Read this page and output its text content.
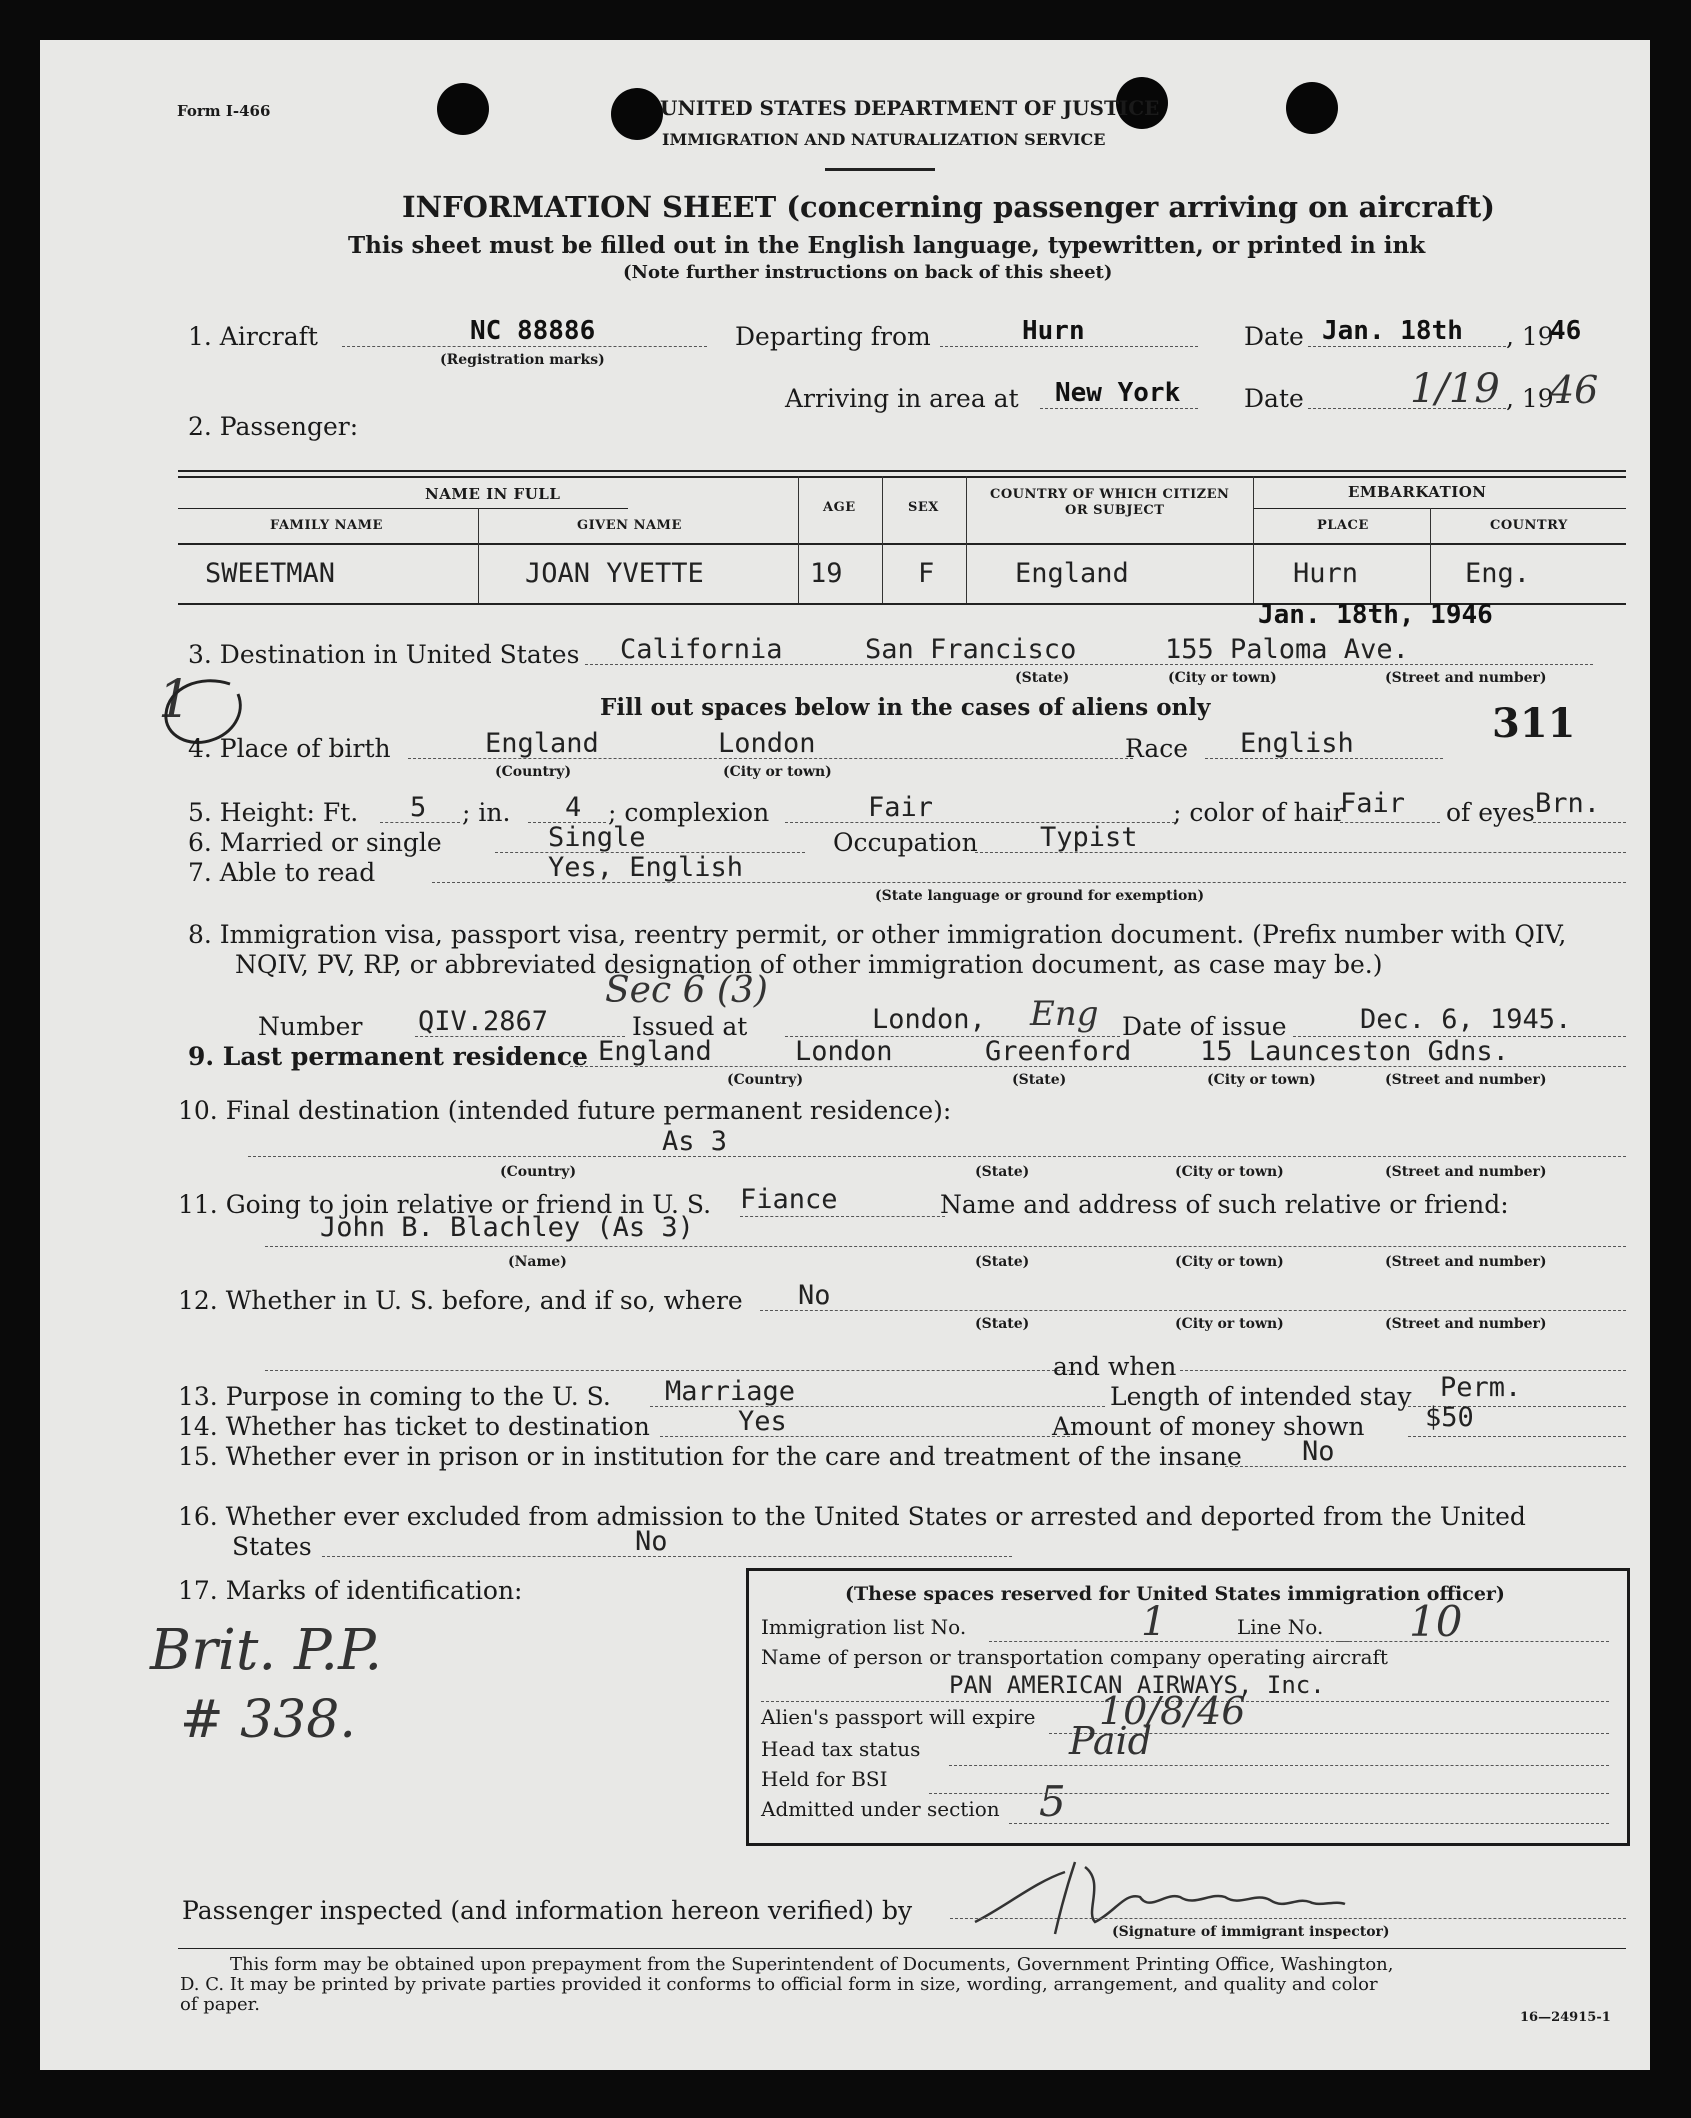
Form I-466	UNITED STATES DEPARTMENT OF JUSTICE
IMMIGRATION AND NATURALIZATION SERVICE
INFORMATION SHEET (concerning passenger arriving on aircraft)
This sheet must be filled out in the English language, typewritten, or printed in ink
(Note further instructions on back of this sheet)
1. Aircraft	NC 88886
(Registration marks)
Departing from	Hurn	Date Jan. 18th , 19
46
Arriving in area at New York	Date	1/19 , 19
46
2. Passenger:
NAME IN FULL
FAMILY NAME	GIVEN NAME
AGE	SEX
COUNTRY OF WHICH CITIZEN
OR SUBJECT
EMBARKATION
PLACE	COUNTRY
SWEETMAN	JOAN YVETTE	19	F	England	Hurn	Eng.
Jan. 18th, 1946
3. Destination in United States California	San Francisco	155 Paloma Ave.
(State)	(City or town)	(Street and number)
1	Fill out spaces below in the cases of aliens only	311
4. Place of birth	England	London
(Country)	(City or town)
Race English
5. Height: Ft. 5 ; in. 4 ; complexion	Fair	; color of hair
Fair of eyes Brn.
6. Married or single	Single	Occupation Typist
7. Able to read	Yes, English
(State language or ground for exemption)
8. Immigration visa, passport visa, reentry permit, or other immigration document. (Prefix number with QIV,
NQIV, PV, RP, or abbreviated designation of other immigration document, as case may be.)
Sec 6 (3)
Number QIV.2867	Issued at	London, Eng Date of issue	Dec. 6, 1945.
9. Last permanent residence England	London	Greenford	15 Launceston Gdns.
(Country)	(State)	(City or town)	(Street and number)
10. Final destination (intended future permanent residence):
As 3
(Country)	(State)	(City or town)	(Street and number)
11. Going to join relative or friend in U. S. Fiance	Name and address of such relative or friend:
John B. Blachley (As 3)
(Name)	(State)	(City or town)	(Street and number)
12. Whether in U. S. before, and if so, where No
(State)	(City or town)	(Street and number)
and when
13. Purpose in coming to the U. S. Marriage	Length of intended stay Perm.
14. Whether has ticket to destination	Yes	Amount of money shown $50
15. Whether ever in prison or in institution for the care and treatment of the insane No
16. Whether ever excluded from admission to the United States or arrested and deported from the United
States	No
17. Marks of identification:
Brit. P.P.
# 338.
(These spaces reserved for United States immigration officer)
Immigration list No.	1	Line No. 10
Name of person or transportation company operating aircraft
PAN AMERICAN AIRWAYS, Inc.
Alien's passport will expire 10/8/46
Head tax status	Paid
Held for BSI
Admitted under section 5
Passenger inspected (and information hereon verified) by
(Signature of immigrant inspector)
This form may be obtained upon prepayment from the Superintendent of Documents, Government Printing Office, Washington,
D. C. It may be printed by private parties provided it conforms to official form in size, wording, arrangement, and quality and color
of paper.
16—24915-1
